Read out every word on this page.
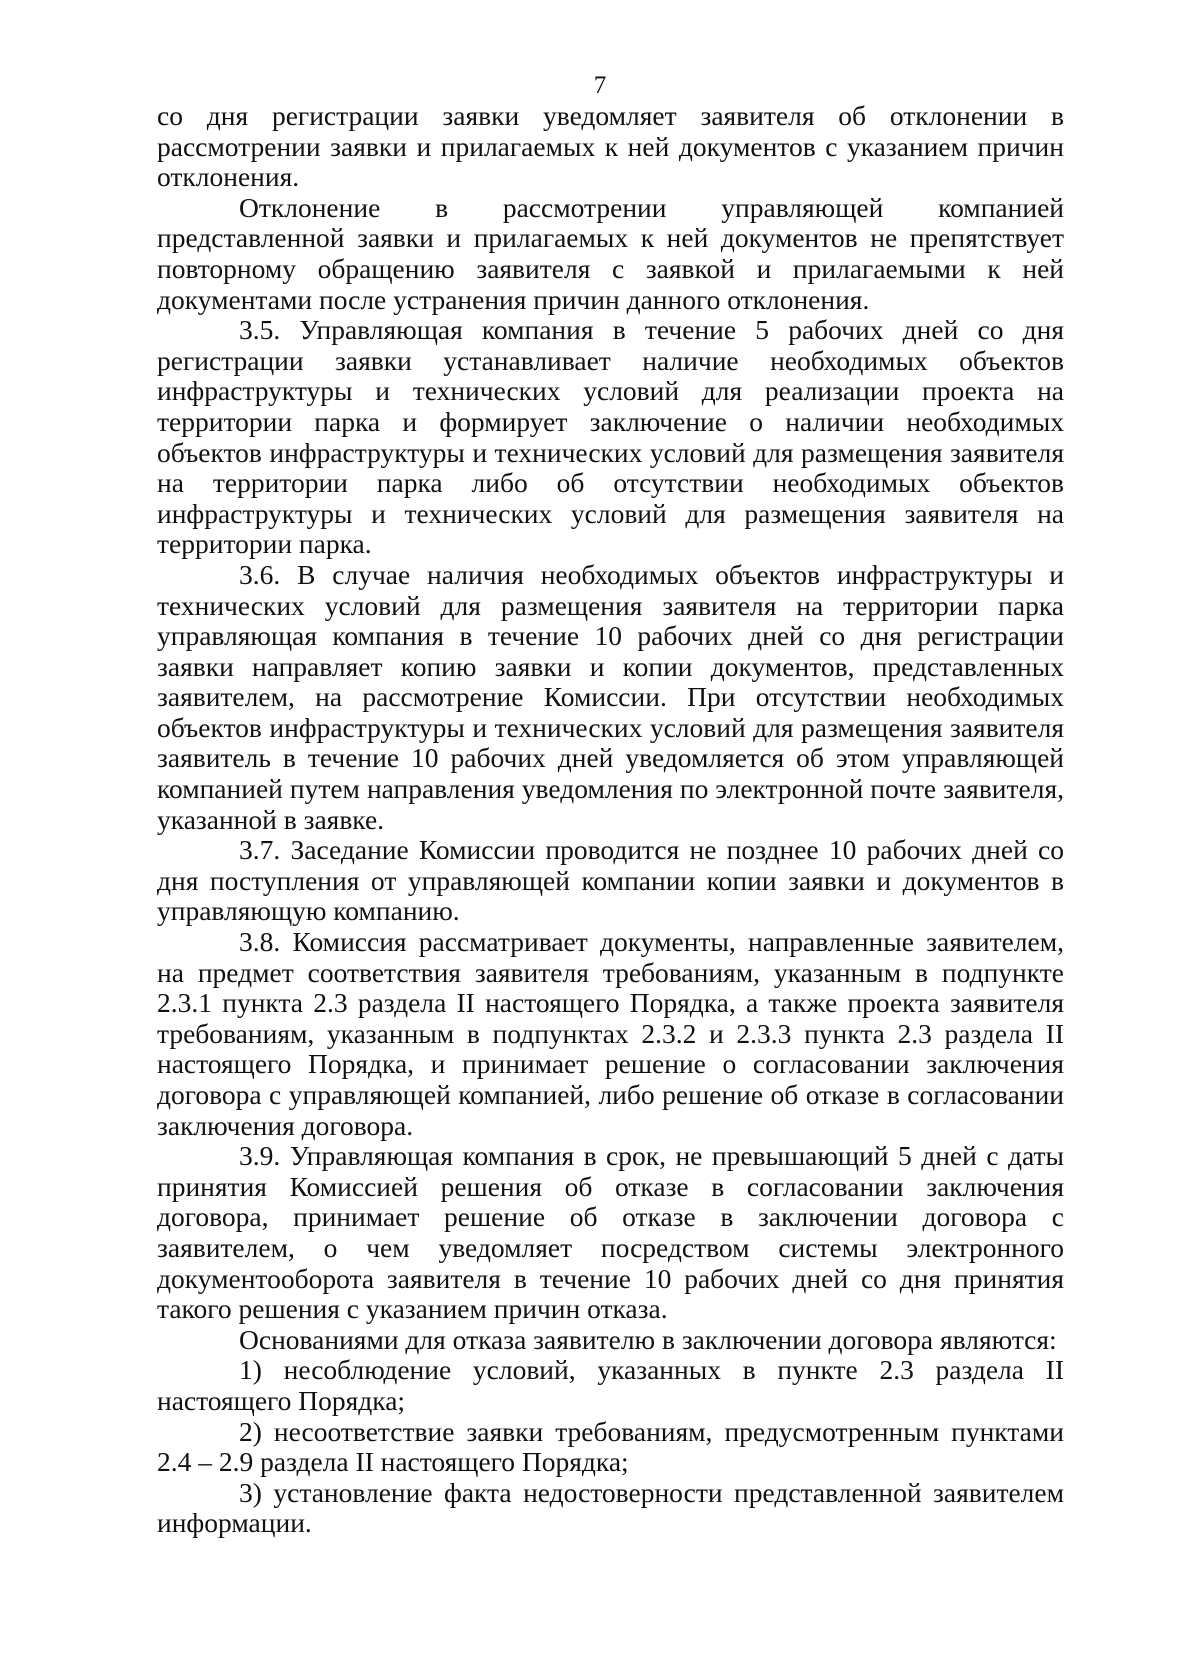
7

со дня регистрации заявки уведомляет заявителя об отклонении в рассмотрении заявки и прилагаемых к ней документов с указанием причин отклонения.

Отклонение в рассмотрении управляющей компанией представленной заявки и прилагаемых к ней документов не препятствует повторному обращению заявителя с заявкой и прилагаемыми к ней документами после устранения причин данного отклонения.

3.5. Управляющая компания в течение 5 рабочих дней со дня регистрации заявки устанавливает наличие необходимых объектов инфраструктуры и технических условий для реализации проекта на территории парка и формирует заключение о наличии необходимых объектов инфраструктуры и технических условий для размещения заявителя на территории парка либо об отсутствии необходимых объектов инфраструктуры и технических условий для размещения заявителя на территории парка.

3.6. В случае наличия необходимых объектов инфраструктуры и технических условий для размещения заявителя на территории парка управляющая компания в течение 10 рабочих дней со дня регистрации заявки направляет копию заявки и копии документов, представленных заявителем, на рассмотрение Комиссии. При отсутствии необходимых объектов инфраструктуры и технических условий для размещения заявителя заявитель в течение 10 рабочих дней уведомляется об этом управляющей компанией путем направления уведомления по электронной почте заявителя, указанной в заявке.

3.7. Заседание Комиссии проводится не позднее 10 рабочих дней со дня поступления от управляющей компании копии заявки и документов в управляющую компанию.

3.8. Комиссия рассматривает документы, направленные заявителем, на предмет соответствия заявителя требованиям, указанным в подпункте 2.3.1 пункта 2.3 раздела II настоящего Порядка, а также проекта заявителя требованиям, указанным в подпунктах 2.3.2 и 2.3.3 пункта 2.3 раздела II настоящего Порядка, и принимает решение о согласовании заключения договора с управляющей компанией, либо решение об отказе в согласовании заключения договора.

3.9. Управляющая компания в срок, не превышающий 5 дней с даты принятия Комиссией решения об отказе в согласовании заключения договора, принимает решение об отказе в заключении договора с заявителем, о чем уведомляет посредством системы электронного документооборота заявителя в течение 10 рабочих дней со дня принятия такого решения с указанием причин отказа.

Основаниями для отказа заявителю в заключении договора являются:

1) несоблюдение условий, указанных в пункте 2.3 раздела II настоящего Порядка;

2) несоответствие заявки требованиям, предусмотренным пунктами 2.4 – 2.9 раздела II настоящего Порядка;

3) установление факта недостоверности представленной заявителем информации.
